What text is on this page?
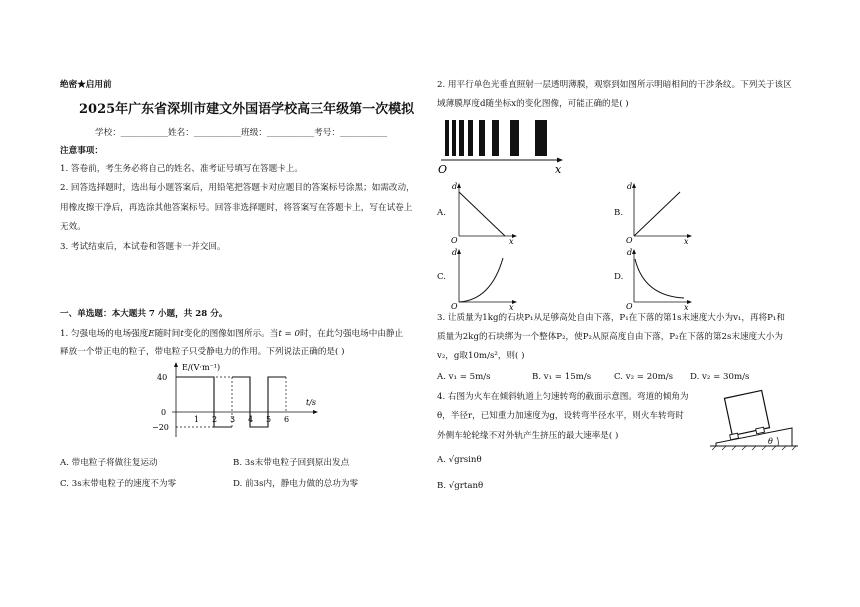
绝密★启用前
2025年广东省深圳市建文外国语学校高三年级第一次模拟
学校：___________姓名：___________班级：___________考号：___________
注意事项：
1. 答卷前，考生务必将自己的姓名、准考证号填写在答题卡上。
2. 回答选择题时，选出每小题答案后，用铅笔把答题卡对应题目的答案标号涂黑；如需改动，
用橡皮擦干净后，再选涂其他答案标号。回答非选择题时，将答案写在答题卡上，写在试卷上
无效。
3. 考试结束后，本试卷和答题卡一并交回。
一、单选题：本大题共 7 小题，共 28 分。
1. 匀强电场的电场强度E随时间t变化的图像如图所示。当t = 0时，在此匀强电场中由静止
释放一个带正电的粒子，带电粒子只受静电力的作用。下列说法正确的是( )
E/(V·m⁻¹)
t/s
40
0
−20
1 2 3 4 5 6
A. 带电粒子将做往复运动	B. 3s末带电粒子回到原出发点
C. 3s末带电粒子的速度不为零	D. 前3s内，静电力做的总功为零
2. 用平行单色光垂直照射一层透明薄膜，观察到如图所示明暗相间的干涉条纹。下列关于该区
域薄膜厚度d随坐标x的变化图像，可能正确的是( )
O	x
A.
d
O	x
B.
d
O	x
C.
d
O	x
D.
d
O	x
3. 让质量为1kg的石块P₁从足够高处自由下落，P₁在下落的第1s末速度大小为v₁，再将P₁和
质量为2kg的石块绑为一个整体P₂，使P₂从原高度自由下落，P₂在下落的第2s末速度大小为
v₂，g取10m/s²，则( )
A. v₁ = 5m/s	B. v₁ = 15m/s	C. v₂ = 20m/s D. v₂ = 30m/s
4. 右图为火车在倾斜轨道上匀速转弯的截面示意图。弯道的倾角为
θ，半径r，已知重力加速度为g，设转弯半径水平，则火车转弯时
外侧车轮轮缘不对外轨产生挤压的最大速率是( )
θ
A. √grsinθ
B. √grtanθ
